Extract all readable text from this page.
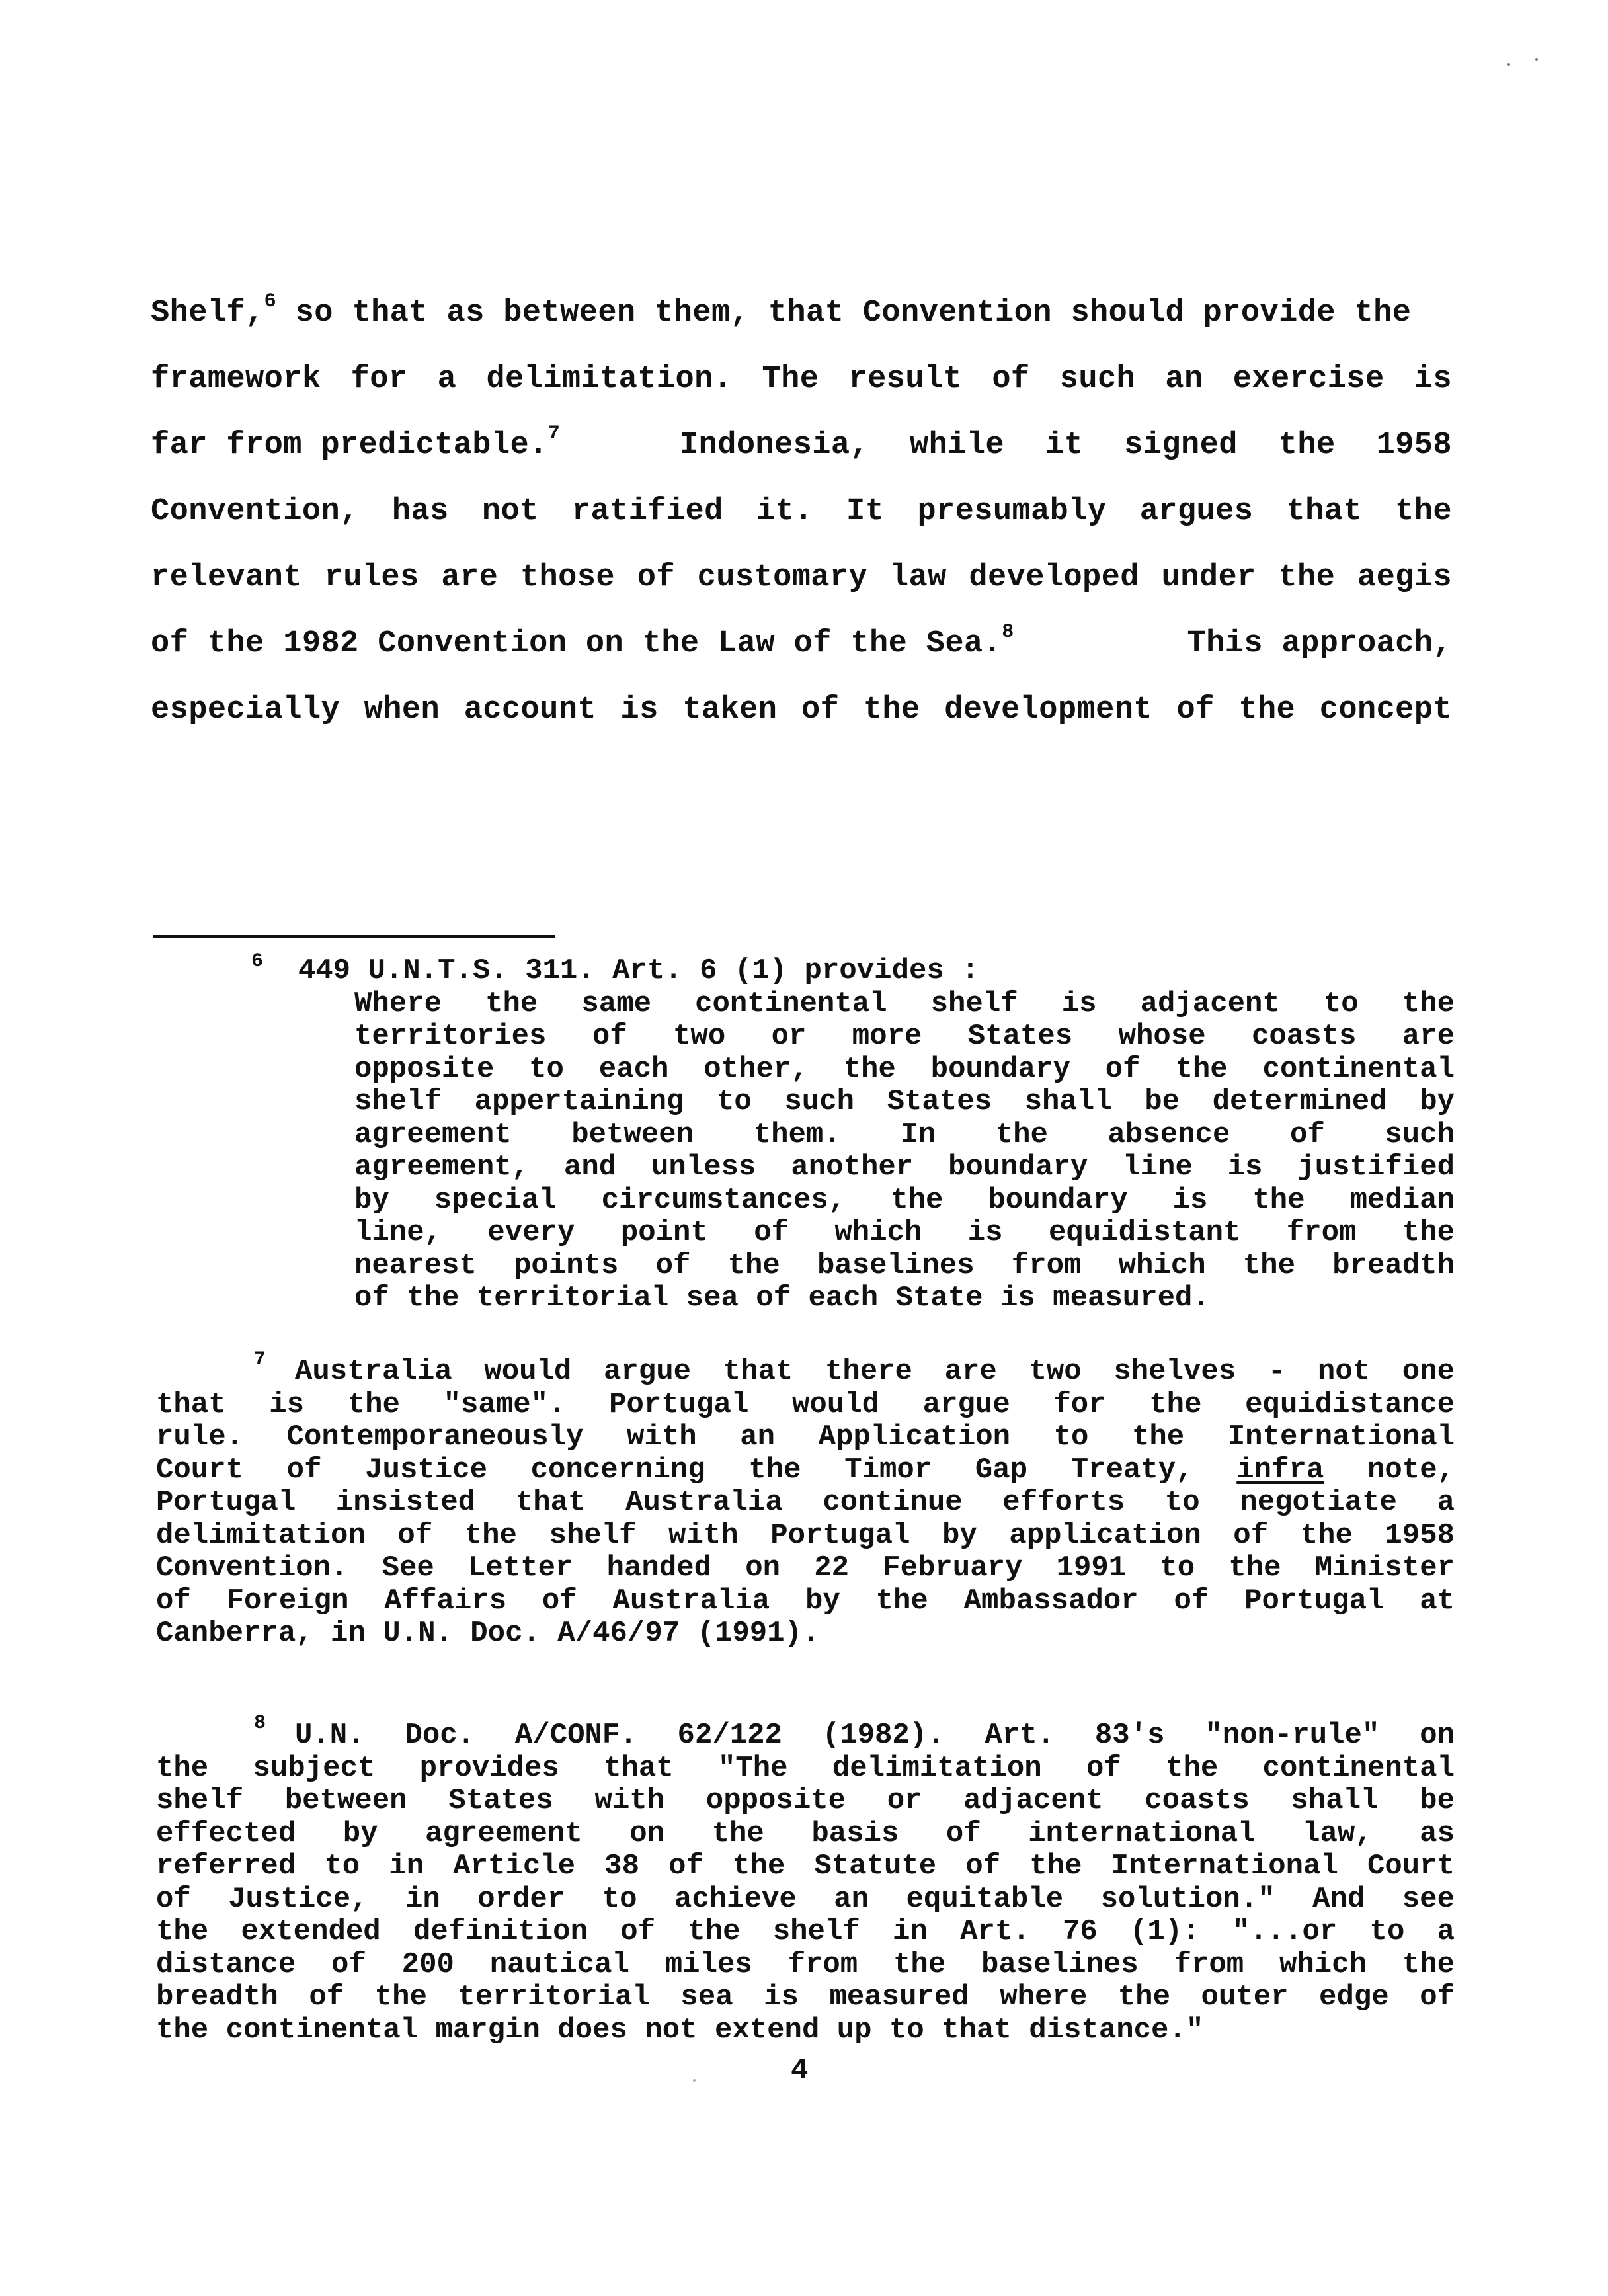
Shelf,$^6$ so that as between them, that Convention should provide the
framework for a delimitation. The result of such an exercise is
far from predictable.$^7$	Indonesia, while it signed the 1958
Convention, has not ratified it. It presumably argues that the
relevant rules are those of customary law developed under the aegis
of the 1982 Convention on the Law of the Sea.$^8$	This approach,
especially when account is taken of the development of the concept
$^6$ 449 U.N.T.S. 311. Art. 6 (1) provides :
Where the same continental shelf is adjacent to the
territories of two or more States whose coasts are
opposite to each other, the boundary of the continental
shelf appertaining to such States shall be determined by
agreement between them. In the absence of such
agreement, and unless another boundary line is justified
by special circumstances, the boundary is the median
line, every point of which is equidistant from the
nearest points of the baselines from which the breadth
of the territorial sea of each State is measured.
7 Australia would argue that there are two shelves - not one
that is the "same". Portugal would argue for the equidistance
rule. Contemporaneously with an Application to the International
Court of Justice concerning the Timor Gap Treaty, infra note,
Portugal insisted that Australia continue efforts to negotiate a
delimitation of the shelf with Portugal by application of the 1958
Convention. See Letter handed on 22 February 1991 to the Minister
of Foreign Affairs of Australia by the Ambassador of Portugal at
Canberra, in U.N. Doc. A/46/97 (1991).
8 U.N. Doc. A/CONF. 62/122 (1982). Art. 83's "non-rule" on
the subject provides that "The delimitation of the continental
shelf between States with opposite or adjacent coasts shall be
effected by agreement on the basis of international law, as
referred to in Article 38 of the Statute of the International Court
of Justice, in order to achieve an equitable solution." And see
the extended definition of the shelf in Art. 76 (1): "...or to a
distance of 200 nautical miles from the baselines from which the
breadth of the territorial sea is measured where the outer edge of
the continental margin does not extend up to that distance."
4
